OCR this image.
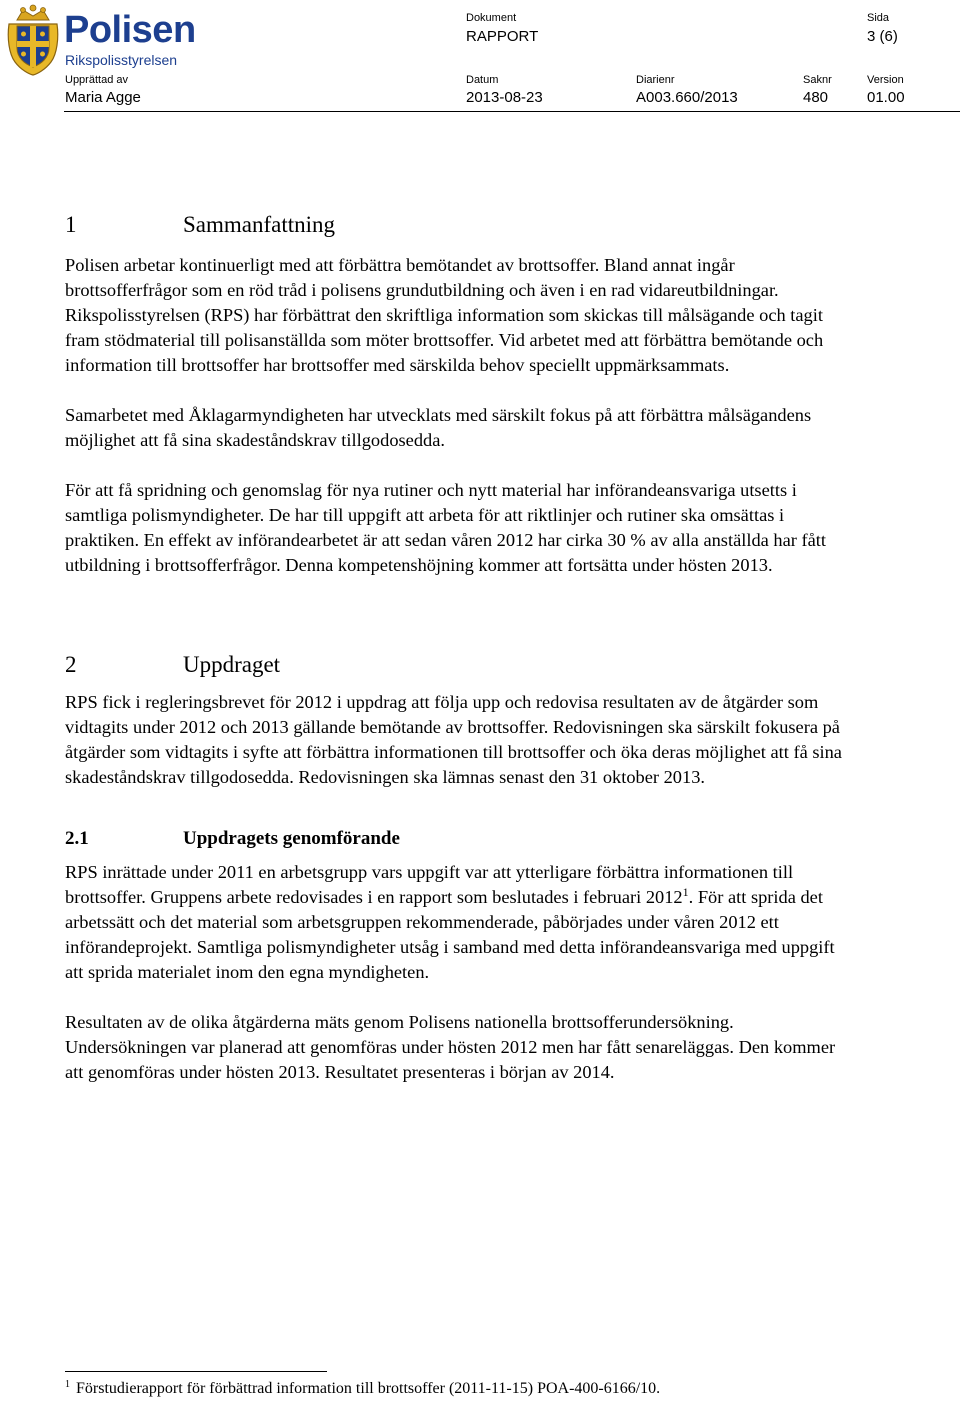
Polisen
Rikspolisstyrelsen
Dokument
RAPPORT
Sida
3 (6)
Upprättad av
Maria Agge
Datum
2013-08-23
Diarienr
A003.660/2013
Saknr
480
Version
01.00
1	Sammanfattning

Polisen arbetar kontinuerligt med att förbättra bemötandet av brottsoffer. Bland annat ingår brottsofferfrågor som en röd tråd i polisens grundutbildning och även i en rad vidareutbildningar. Rikspolisstyrelsen (RPS) har förbättrat den skriftliga information som skickas till målsägande och tagit fram stödmaterial till polisanställda som möter brottsoffer. Vid arbetet med att förbättra bemötande och information till brottsoffer har brottsoffer med särskilda behov speciellt uppmärksammats.

Samarbetet med Åklagarmyndigheten har utvecklats med särskilt fokus på att förbättra målsägandens möjlighet att få sina skadeståndskrav tillgodosedda.

För att få spridning och genomslag för nya rutiner och nytt material har införandeansvariga utsetts i samtliga polismyndigheter. De har till uppgift att arbeta för att riktlinjer och rutiner ska omsättas i praktiken. En effekt av införandearbetet är att sedan våren 2012 har cirka 30 % av alla anställda har fått utbildning i brottsofferfrågor. Denna kompetenshöjning kommer att fortsätta under hösten 2013.

2	Uppdraget

RPS fick i regleringsbrevet för 2012 i uppdrag att följa upp och redovisa resultaten av de åtgärder som vidtagits under 2012 och 2013 gällande bemötande av brottsoffer. Redovisningen ska särskilt fokusera på åtgärder som vidtagits i syfte att förbättra informationen till brottsoffer och öka deras möjlighet att få sina skadeståndskrav tillgodosedda. Redovisningen ska lämnas senast den 31 oktober 2013.

2.1	Uppdragets genomförande

RPS inrättade under 2011 en arbetsgrupp vars uppgift var att ytterligare förbättra informationen till brottsoffer. Gruppens arbete redovisades i en rapport som beslutades i februari 2012$^1$. För att sprida det arbetssätt och det material som arbetsgruppen rekommenderade, påbörjades under våren 2012 ett införandeprojekt. Samtliga polismyndigheter utsåg i samband med detta införandeansvariga med uppgift att sprida materialet inom den egna myndigheten.

Resultaten av de olika åtgärderna mäts genom Polisens nationella brottsofferundersökning. Undersökningen var planerad att genomföras under hösten 2012 men har fått senareläggas. Den kommer att genomföras under hösten 2013. Resultatet presenteras i början av 2014.

$^1$ Förstudierapport för förbättrad information till brottsoffer (2011-11-15) POA-400-6166/10.
